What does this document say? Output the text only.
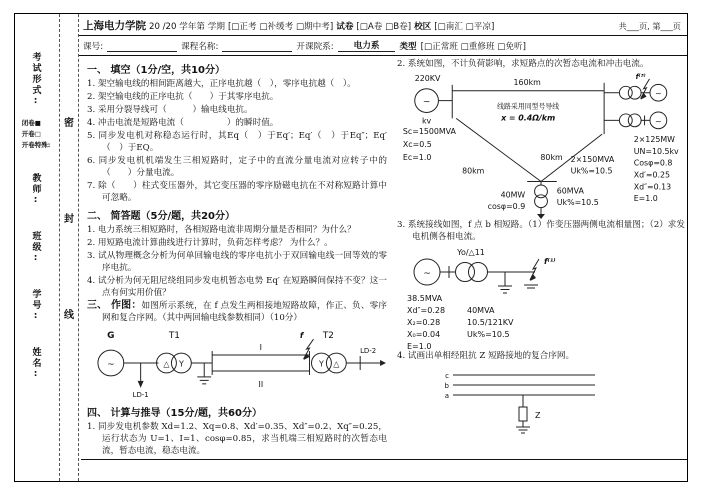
考试形式:
闭卷■
开卷□
开卷特殊:
教师:
班级:
学号:
姓名:
密
封
线
上海电力学院 20 /20 学年第 学期 [□正考 □补缓考 □期中考] 试卷 [□A卷 □B卷] 校区 [□南汇 □平凉]	共___页, 第___页
课号:	课程名称:	开课院系:	电力系	类型 [□正常班 □重修班 □免听]
一、 填空（1分/空，共10分）

1. 架空输电线的相间距离越大，正序电抗越（　），零序电抗越（　）。

2. 架空输电线的正序电抗（　　）于其零序电抗。

3. 采用分裂导线可（　　　）输电线电抗。

4. 冲击电流是短路电流（　　　　　）的瞬时值。

5. 同步发电机对称稳态运行时，其Eq（　）于Eq′；Eq′（　）于Eq″；Eq′（　）于EQ。

6. 同步发电机机端发生三相短路时，定子中的直流分量电流对应转子中的（　　）分量电流。

7. 除（　　）柱式变压器外，其它变压器的零序励磁电抗在不对称短路计算中可忽略。

二、 简答题（5分/题，共20分）

1. 电力系统三相短路时，各相短路电流非周期分量是否相同？为什么？

2. 用短路电流计算曲线进行计算时，负荷怎样考虑？ 为什么？。

3. 试从物理概念分析为何单回输电线的零序电抗小于双回输电线一回等效的零序电抗。

4. 试分析为何无阻尼绕组同步发电机暂态电势 Eq′ 在短路瞬间保持不变？这一点有何实用价值？

三、 作图：如图所示系统，在 f 点发生两相接地短路故障，作正、负、零序网和复合序网。（其中两回输电线参数相同）（10分）

G
~
LD-1
T1
△ Y
I
II
f T2
Y △
LD-2
四、 计算与推导（15分/题，共60分）

1. 同步发电机参数 Xd=1.2、Xq=0.8、Xd′=0.35、Xd″=0.2、Xq″=0.25，运行状态为 U=1、I=1、cosφ=0.85，求当机端三相短路时的次暂态电流，暂态电流，稳态电流。

2. 系统如图，不计负荷影响，求短路点的次暂态电流和冲击电流。

220KV
~
kv
160km
线路采用同型号导线
x = 0.4Ω/km
Sc=1500MVA
Xc=0.5
Ec=1.0
80km
80km
60MVA
Uk%=10.5
40MW
cosφ=0.9
~
f⁽³⁾
~
2×150MVA
Uk%=10.5
2×125MW
UN=10.5kv
Cosφ=0.8
Xd′=0.25
Xd″=0.13
E=1.0

3. 系统接线如图，f 点 b 相短路。（1）作变压器两侧电流相量图；（2）求发电机侧各相电流。

~
Yo/△11
f⁽¹⁾
38.5MVA
Xd″=0.28
X₂=0.28
X₀=0.04
E=1.0
40MVA
10.5/121KV
Uk%=10.5

4. 试画出单相经阻抗 Z 短路接地的复合序网。

c
b
a
Z
